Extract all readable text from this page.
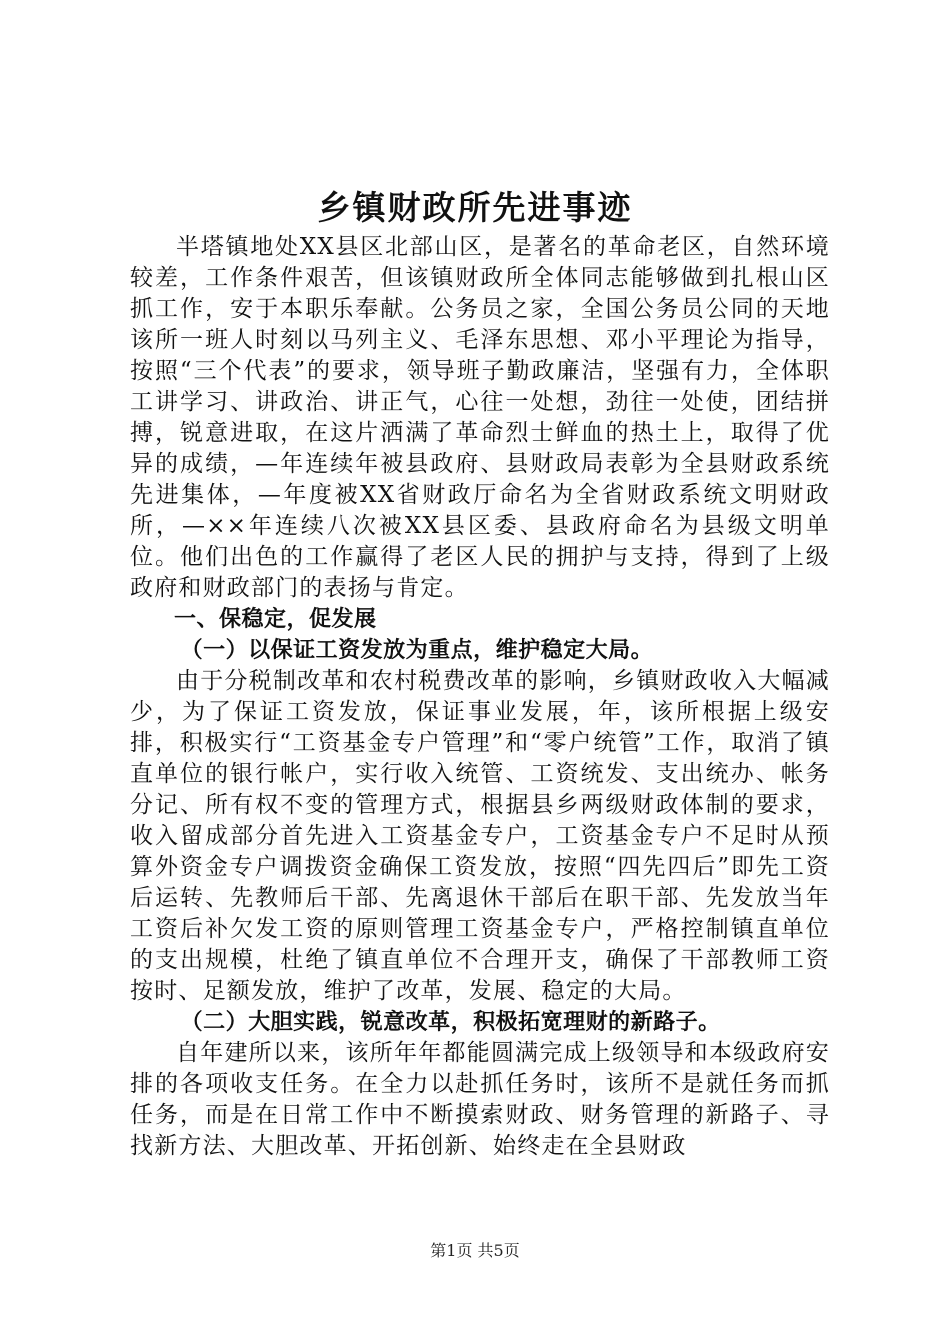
乡镇财政所先进事迹

半塔镇地处XX县区北部山区，是著名的革命老区，自然环境较差，工作条件艰苦，但该镇财政所全体同志能够做到扎根山区抓工作，安于本职乐奉献。公务员之家，全国公务员公同的天地该所一班人时刻以马列主义、毛泽东思想、邓小平理论为指导，按照“三个代表”的要求，领导班子勤政廉洁，坚强有力，全体职工讲学习、讲政治、讲正气，心往一处想，劲往一处使，团结拼搏，锐意进取，在这片洒满了革命烈士鲜血的热土上，取得了优异的成绩，—年连续年被县政府、县财政局表彰为全县财政系统先进集体，—年度被XX省财政厅命名为全省财政系统文明财政所，—××年连续八次被XX县区委、县政府命名为县级文明单位。他们出色的工作赢得了老区人民的拥护与支持，得到了上级政府和财政部门的表扬与肯定。

一、保稳定，促发展

（一）以保证工资发放为重点，维护稳定大局。

由于分税制改革和农村税费改革的影响，乡镇财政收入大幅减少，为了保证工资发放，保证事业发展，年，该所根据上级安排，积极实行“工资基金专户管理”和“零户统管”工作，取消了镇直单位的银行帐户，实行收入统管、工资统发、支出统办、帐务分记、所有权不变的管理方式，根据县乡两级财政体制的要求，收入留成部分首先进入工资基金专户，工资基金专户不足时从预算外资金专户调拨资金确保工资发放，按照“四先四后”即先工资后运转、先教师后干部、先离退休干部后在职干部、先发放当年工资后补欠发工资的原则管理工资基金专户，严格控制镇直单位的支出规模，杜绝了镇直单位不合理开支，确保了干部教师工资按时、足额发放，维护了改革，发展、稳定的大局。

（二）大胆实践，锐意改革，积极拓宽理财的新路子。

自年建所以来，该所年年都能圆满完成上级领导和本级政府安排的各项收支任务。在全力以赴抓任务时，该所不是就任务而抓任务，而是在日常工作中不断摸索财政、财务管理的新路子、寻找新方法、大胆改革、开拓创新、始终走在全县财政

第1页 共5页
